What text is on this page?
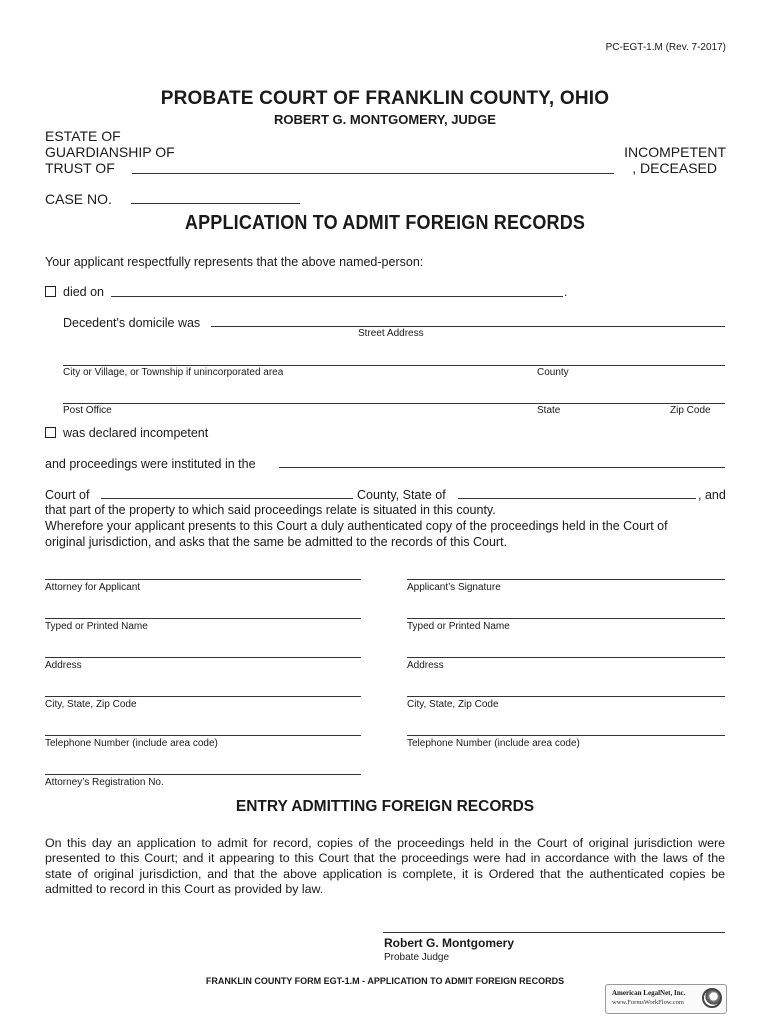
PC-EGT-1.M (Rev. 7-2017)
PROBATE COURT OF FRANKLIN COUNTY, OHIO
ROBERT G. MONTGOMERY, JUDGE
ESTATE OF
GUARDIANSHIP OF	INCOMPETENT
TRUST OF	, DECEASED
CASE NO.
APPLICATION TO ADMIT FOREIGN RECORDS
Your applicant respectfully represents that the above named-person:
died on	.
Decedent's domicile was
Street Address
City or Village, or Township if unincorporated area	County
Post Office	State	Zip Code
was declared incompetent
and proceedings were instituted in the
Court of	County, State of	, and
that part of the property to which said proceedings relate is situated in this county.
Wherefore your applicant presents to this Court a duly authenticated copy of the proceedings held in the Court of
original jurisdiction, and asks that the same be admitted to the records of this Court.
Attorney for Applicant
Typed or Printed Name
Address
City, State, Zip Code
Telephone Number (include area code)
Attorney’s Registration No.
Applicant’s Signature
Typed or Printed Name
Address
City, State, Zip Code
Telephone Number (include area code)
ENTRY ADMITTING FOREIGN RECORDS
On this day an application to admit for record, copies of the proceedings held in the Court of original jurisdiction were presented to this Court; and it appearing to this Court that the proceedings were had in accordance with the laws of the state of original jurisdiction, and that the above application is complete, it is Ordered that the authenticated copies be admitted to record in this Court as provided by law.
Robert G. Montgomery
Probate Judge
FRANKLIN COUNTY FORM EGT-1.M - APPLICATION TO ADMIT FOREIGN RECORDS
American LegalNet, Inc.
www.FormsWorkFlow.com
